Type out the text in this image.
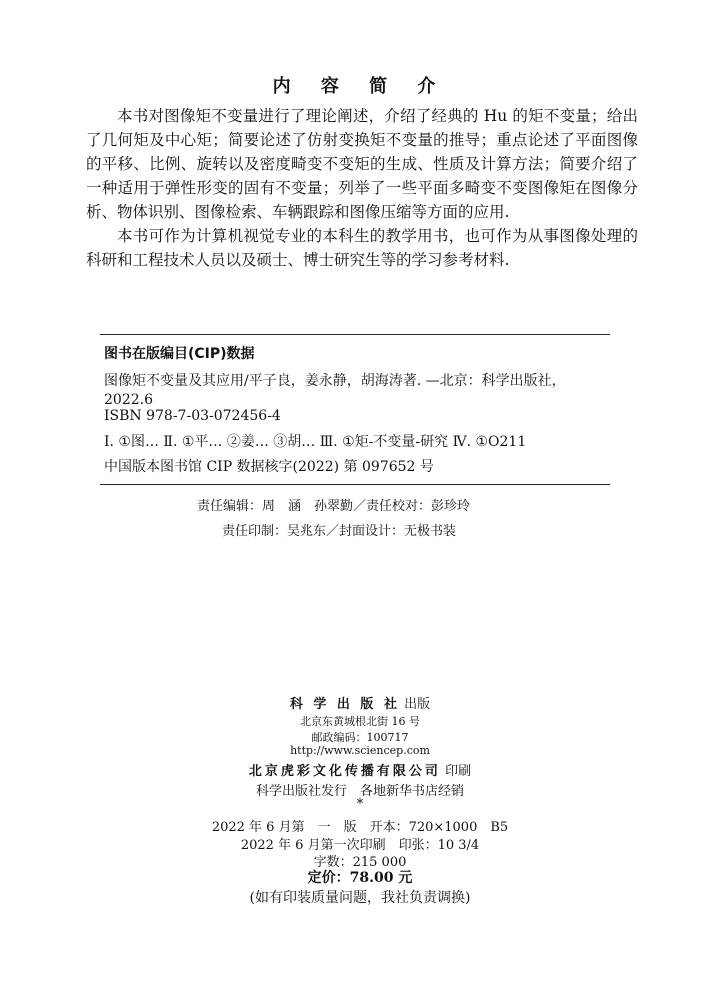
内 容 简 介

本书对图像矩不变量进行了理论阐述，介绍了经典的 Hu 的矩不变量；给出了几何矩及中心矩；简要论述了仿射变换矩不变量的推导；重点论述了平面图像的平移、比例、旋转以及密度畸变不变矩的生成、性质及计算方法；简要介绍了一种适用于弹性形变的固有不变量；列举了一些平面多畸变不变图像矩在图像分析、物体识别、图像检索、车辆跟踪和图像压缩等方面的应用.

本书可作为计算机视觉专业的本科生的教学用书，也可作为从事图像处理的科研和工程技术人员以及硕士、博士研究生等的学习参考材料.

图书在版编目(CIP)数据
图像矩不变量及其应用/平子良，姜永静，胡海涛著. —北京：科学出版社，2022.6
ISBN 978-7-03-072456-4
Ⅰ. ①图… Ⅱ. ①平… ②姜… ③胡… Ⅲ. ①矩-不变量-研究 Ⅳ. ①O211
中国版本图书馆 CIP 数据核字(2022) 第 097652 号
责任编辑：周　涵　孙翠勤／责任校对：彭珍玲
责任印制：吴兆东／封面设计：无极书装
科 学 出 版 社 出版
北京东黄城根北街 16 号
邮政编码：100717
http://www.sciencep.com
北京虎彩文化传播有限公司 印刷
科学出版社发行　各地新华书店经销
*
2022 年 6 月第　一　版　开本：720×1000　B5
2022 年 6 月第一次印刷　印张：10 3/4
字数：215 000
定价：78.00 元
(如有印装质量问题，我社负责调换)
